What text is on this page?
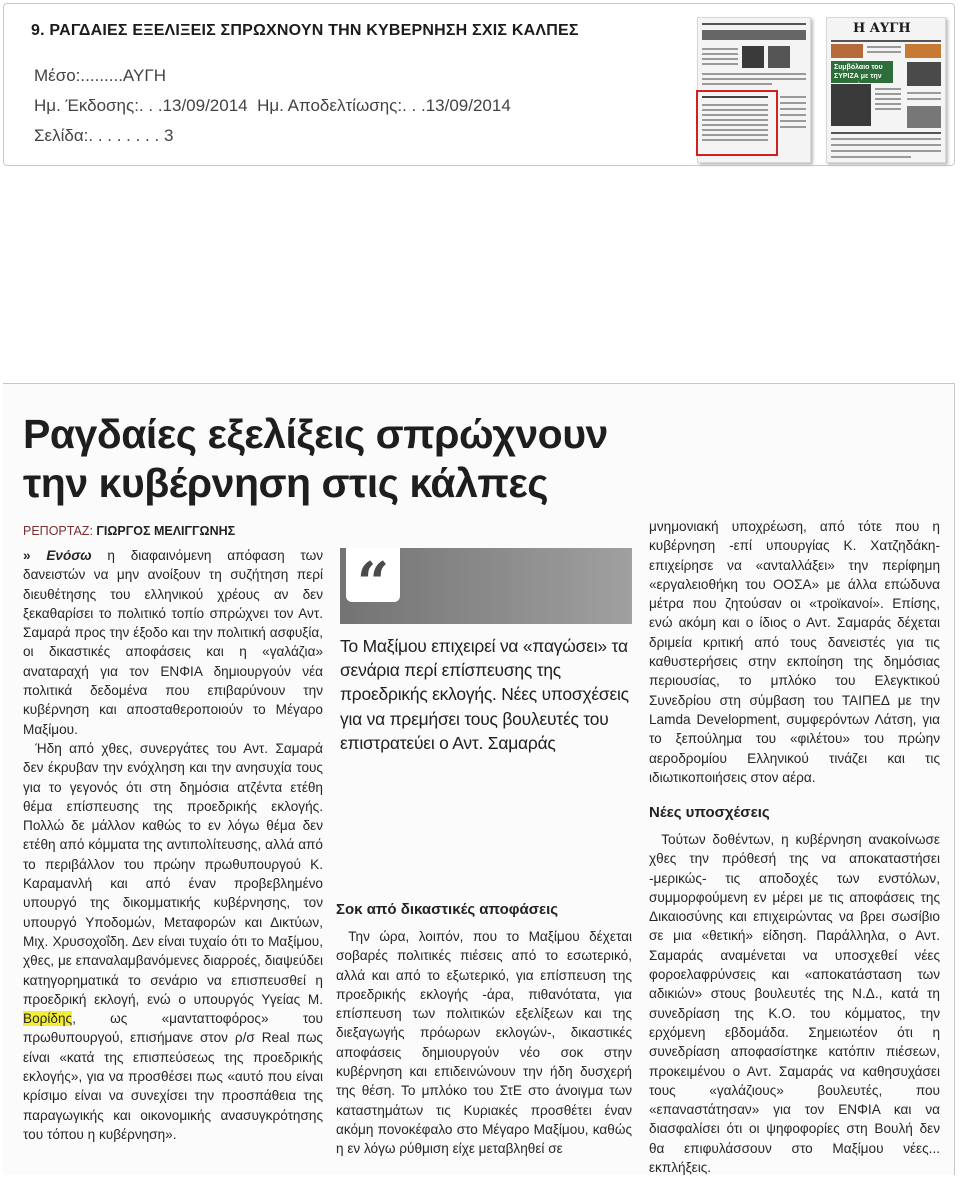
9. ΡΑΓΔΑΙΕΣ ΕΞΕΛΙΞΕΙΣ ΣΠΡΩΧΝΟΥΝ ΤΗΝ ΚΥΒΕΡΝΗΣΗ ΣΧΙΣ ΚΑΛΠΕΣ
Μέσο:.........ΑΥΓΗ
Ημ. Έκδοσης:. . .13/09/2014  Ημ. Αποδελτίωσης:. . .13/09/2014
Σελίδα:. . . . . . . . 3
Η ΑΥΓΗ
Συμβόλαιο του ΣΥΡΙΖΑ με την
Ραγδαίες εξελίξεις σπρώχνουν
την κυβέρνηση στις κάλπες
ΡΕΠΟΡΤΑΖ: ΓΙΩΡΓΟΣ ΜΕΛΙΓΓΩΝΗΣ

» Ενόσω η διαφαινόμενη απόφαση των δανειστών να μην ανοίξουν τη συζήτηση περί διευθέτησης του ελληνικού χρέους αν δεν ξεκαθαρίσει το πολιτικό τοπίο σπρώχνει τον Αντ. Σαμαρά προς την έξοδο και την πολιτική ασφυξία, οι δικαστικές αποφάσεις και η «γαλάζια» αναταραχή για τον ΕΝΦΙΑ δημιουργούν νέα πολιτικά δεδομένα που επιβαρύνουν την κυβέρνηση και αποσταθεροποιούν το Μέγαρο Μαξίμου.

Ήδη από χθες, συνεργάτες του Αντ. Σαμαρά δεν έκρυβαν την ενόχληση και την ανησυχία τους για το γεγονός ότι στη δημόσια ατζέντα ετέθη θέμα επίσπευσης της προεδρικής εκλογής. Πολλώ δε μάλλον καθώς το εν λόγω θέμα δεν ετέθη από κόμματα της αντιπολίτευσης, αλλά από το περιβάλλον του πρώην πρωθυπουργού Κ. Καραμανλή και από έναν προβεβλημένο υπουργό της δικομματικής κυβέρνησης, τον υπουργό Υποδομών, Μεταφορών και Δικτύων, Μιχ. Χρυσοχοΐδη. Δεν είναι τυχαίο ότι το Μαξίμου, χθες, με επαναλαμβανόμενες διαρροές, διαψεύδει κατηγορηματικά το σενάριο να επισπευσθεί η προεδρική εκλογή, ενώ ο υπουργός Υγείας Μ. Βορίδης, ως «μανταττοφόρος» του πρωθυπουργού, επισήμανε στον ρ/σ Real πως είναι «κατά της επισπεύσεως της προεδρικής εκλογής», για να προσθέσει πως «αυτό που είναι κρίσιμο είναι να συνεχίσει την προσπάθεια της παραγωγικής και οικονομικής ανασυγκρότησης του τόπου η κυβέρνηση».

“
Το Μαξίμου επιχειρεί να «παγώσει» τα σενάρια περί επίσπευσης της προεδρικής εκλογής. Νέες υποσχέσεις για να πρεμήσει τους βουλευτές του επιστρατεύει ο Αντ. Σαμαράς
Σοκ από δικαστικές αποφάσεις

Την ώρα, λοιπόν, που το Μαξίμου δέχεται σοβαρές πολιτικές πιέσεις από το εσωτερικό, αλλά και από το εξωτερικό, για επίσπευση της προεδρικής εκλογής -άρα, πιθανότατα, για επίσπευση των πολιτικών εξελίξεων και της διεξαγωγής πρόωρων εκλογών-, δικαστικές αποφάσεις δημιουργούν νέο σοκ στην κυβέρνηση και επιδεινώνουν την ήδη δυσχερή της θέση. Το μπλόκο του ΣτΕ στο άνοιγμα των καταστημάτων τις Κυριακές προσθέτει έναν ακόμη πονοκέφαλο στο Μέγαρο Μαξίμου, καθώς η εν λόγω ρύθμιση είχε μεταβληθεί σε

μνημονιακή υποχρέωση, από τότε που η κυβέρνηση -επί υπουργίας Κ. Χατζηδάκη- επιχείρησε να «ανταλλάξει» την περίφημη «εργαλειοθήκη του ΟΟΣΑ» με άλλα επώδυνα μέτρα που ζητούσαν οι «τροϊκανοί». Επίσης, ενώ ακόμη και ο ίδιος ο Αντ. Σαμαράς δέχεται δριμεία κριτική από τους δανειστές για τις καθυστερήσεις στην εκποίηση της δημόσιας περιουσίας, το μπλόκο του Ελεγκτικού Συνεδρίου στη σύμβαση του ΤΑΙΠΕΔ με την Lamda Development, συμφερόντων Λάτση, για το ξεπούλημα του «φιλέτου» του πρώην αεροδρομίου Ελληνικού τινάζει και τις ιδιωτικοποιήσεις στον αέρα.

Νέες υποσχέσεις

Τούτων δοθέντων, η κυβέρνηση ανακοίνωσε χθες την πρόθεσή της να αποκαταστήσει -μερικώς- τις αποδοχές των ενστόλων, συμμορφούμενη εν μέρει με τις αποφάσεις της Δικαιοσύνης και επιχειρώντας να βρει σωσίβιο σε μια «θετική» είδηση. Παράλληλα, ο Αντ. Σαμαράς αναμένεται να υποσχεθεί νέες φοροελαφρύνσεις και «αποκατάσταση των αδικιών» στους βουλευτές της Ν.Δ., κατά τη συνεδρίαση της Κ.Ο. του κόμματος, την ερχόμενη εβδομάδα. Σημειωτέον ότι η συνεδρίαση αποφασίστηκε κατόπιν πιέσεων, προκειμένου ο Αντ. Σαμαράς να καθησυχάσει τους «γαλάζιους» βουλευτές, που «επαναστάτησαν» για τον ΕΝΦΙΑ και να διασφαλίσει ότι οι ψηφοφορίες στη Βουλή δεν θα επιφυλάσσουν στο Μαξίμου νέες... εκπλήξεις.
